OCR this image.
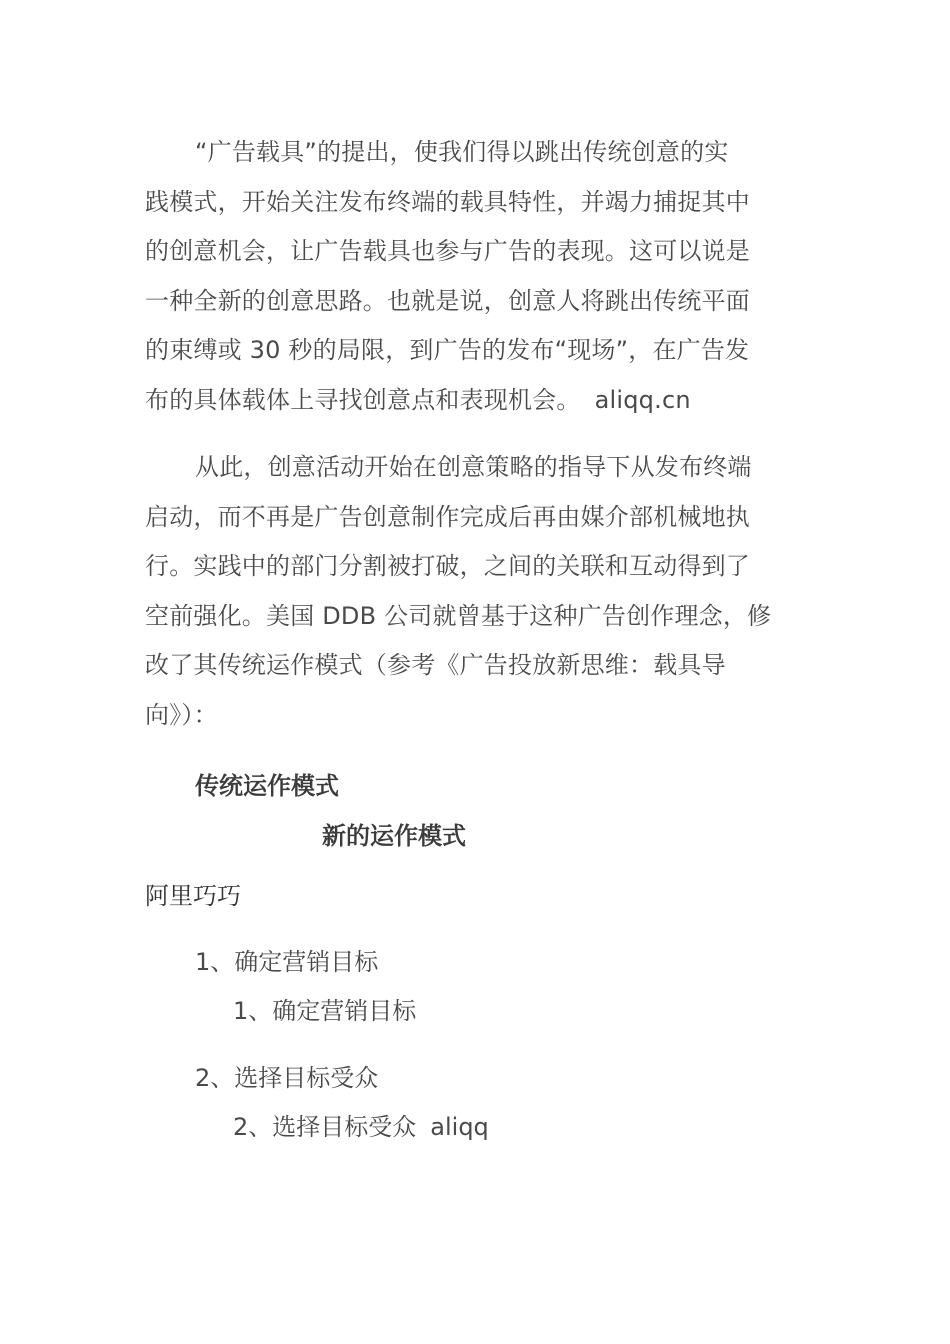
“广告载具”的提出，使我们得以跳出传统创意的实
践模式，开始关注发布终端的载具特性，并竭力捕捉其中
的创意机会，让广告载具也参与广告的表现。这可以说是
一种全新的创意思路。也就是说，创意人将跳出传统平面
的束缚或 30 秒的局限，到广告的发布“现场”，在广告发
布的具体载体上寻找创意点和表现机会。 aliqq.cn

从此，创意活动开始在创意策略的指导下从发布终端
启动，而不再是广告创意制作完成后再由媒介部机械地执
行。实践中的部门分割被打破，之间的关联和互动得到了
空前强化。美国 DDB 公司就曾基于这种广告创作理念，修
改了其传统运作模式（参考《广告投放新思维：载具导
向》）：

传统运作模式
新的运作模式
阿里巧巧
1、确定营销目标
1、确定营销目标
2、选择目标受众
2、选择目标受众 aliqq
